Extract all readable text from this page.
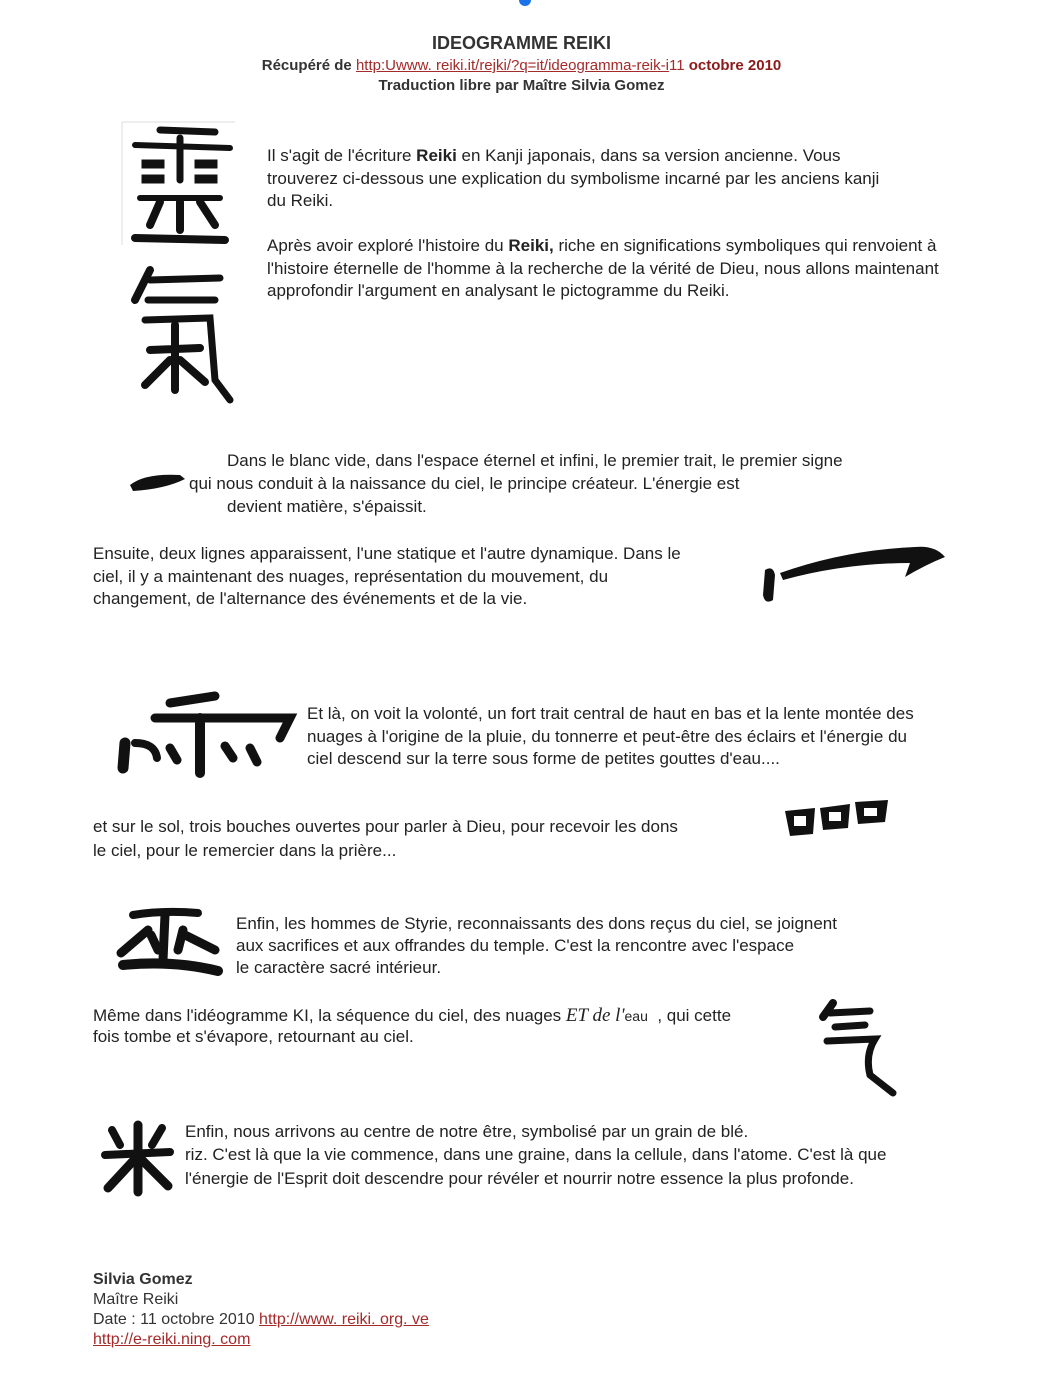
IDEOGRAMME REIKI
Récupéré de http:Uwww. reiki.it/rejki/?q=it/ideogramma-reik-i11 octobre 2010
Traduction libre par Maître Silvia Gomez
Il s'agit de l'écriture Reiki en Kanji japonais, dans sa version ancienne. Vous trouverez ci-dessous une explication du symbolisme incarné par les anciens kanji du Reiki.
Après avoir exploré l'histoire du Reiki, riche en significations symboliques qui renvoient à l'histoire éternelle de l'homme à la recherche de la vérité de Dieu, nous allons maintenant approfondir l'argument en analysant le pictogramme du Reiki.
Dans le blanc vide, dans l'espace éternel et infini, le premier trait, le premier signe
qui nous conduit à la naissance du ciel, le principe créateur. L'énergie est
devient matière, s'épaissit.
Ensuite, deux lignes apparaissent, l'une statique et l'autre dynamique. Dans le ciel, il y a maintenant des nuages, représentation du mouvement, du changement, de l'alternance des événements et de la vie.
Et là, on voit la volonté, un fort trait central de haut en bas et la lente montée des nuages à l'origine de la pluie, du tonnerre et peut-être des éclairs et l'énergie du ciel descend sur la terre sous forme de petites gouttes d'eau....
et sur le sol, trois bouches ouvertes pour parler à Dieu, pour recevoir les dons
le ciel, pour le remercier dans la prière...
Enfin, les hommes de Styrie, reconnaissants des dons reçus du ciel, se joignent
aux sacrifices et aux offrandes du temple. C'est la rencontre avec l'espace
le caractère sacré intérieur.
Même dans l'idéogramme KI, la séquence du ciel, des nuages ET de l'eau  , qui cette
fois tombe et s'évapore, retournant au ciel.
Enfin, nous arrivons au centre de notre être, symbolisé par un grain de blé.
riz. C'est là que la vie commence, dans une graine, dans la cellule, dans l'atome. C'est là que l'énergie de l'Esprit doit descendre pour révéler et nourrir notre essence la plus profonde.
Silvia Gomez
Maître Reiki
Date : 11 octobre 2010 http://www. reiki. org. ve
http://e-reiki.ning. com
